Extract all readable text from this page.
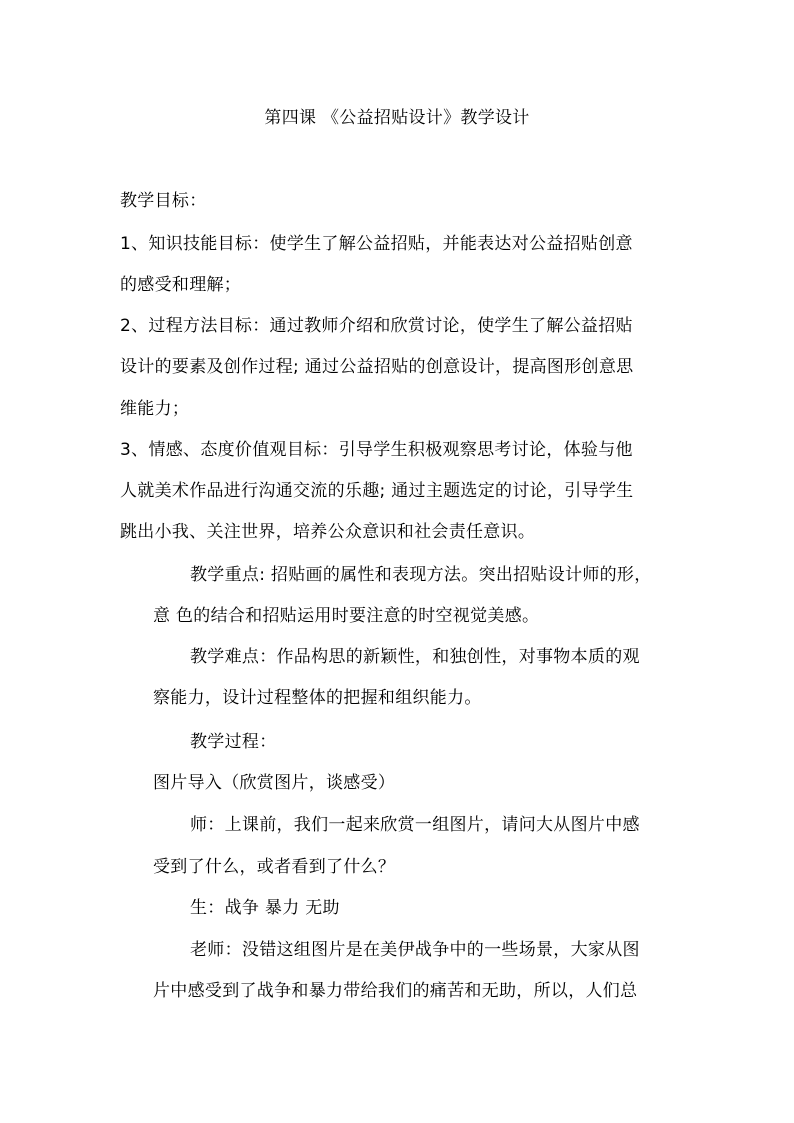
第四课 《公益招贴设计》教学设计
教学目标：
1、知识技能目标：使学生了解公益招贴，并能表达对公益招贴创意
的感受和理解；
2、过程方法目标：通过教师介绍和欣赏讨论，使学生了解公益招贴
设计的要素及创作过程; 通过公益招贴的创意设计，提高图形创意思
维能力；
3、情感、态度价值观目标：引导学生积极观察思考讨论，体验与他
人就美术作品进行沟通交流的乐趣; 通过主题选定的讨论，引导学生
跳出小我、关注世界，培养公众意识和社会责任意识。
教学重点: 招贴画的属性和表现方法。突出招贴设计师的形，
意 色的结合和招贴运用时要注意的时空视觉美感。
教学难点：作品构思的新颖性，和独创性，对事物本质的观
察能力，设计过程整体的把握和组织能力。
教学过程：
图片导入（欣赏图片，谈感受）
师：上课前，我们一起来欣赏一组图片，请问大从图片中感
受到了什么，或者看到了什么？
生：战争 暴力 无助
老师：没错这组图片是在美伊战争中的一些场景，大家从图
片中感受到了战争和暴力带给我们的痛苦和无助，所以，人们总
